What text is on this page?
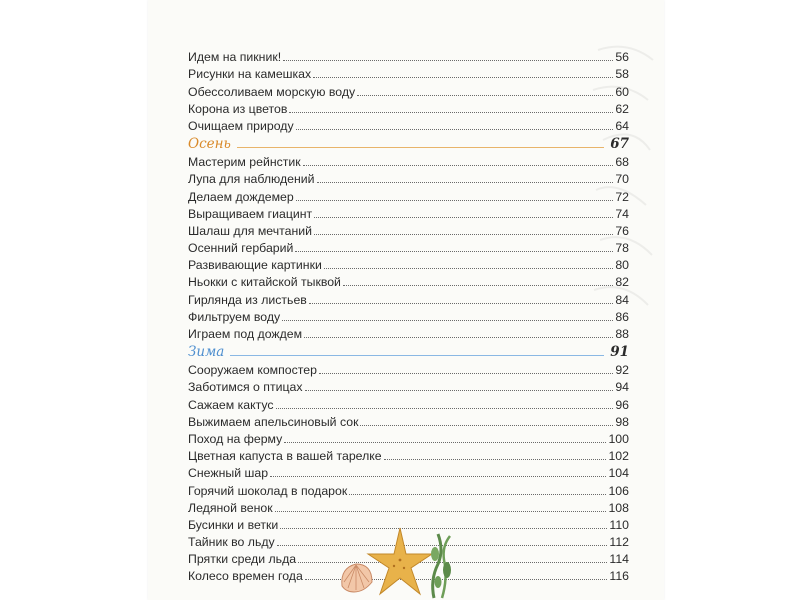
Идем на пикник!	56
Рисунки на камешках	58
Обессоливаем морскую воду	60
Корона из цветов	62
Очищаем природу	64
Осень	67
Мастерим рейнстик	68
Лупа для наблюдений	70
Делаем дождемер	72
Выращиваем гиацинт	74
Шалаш для мечтаний	76
Осенний гербарий	78
Развивающие картинки	80
Ньокки с китайской тыквой	82
Гирлянда из листьев	84
Фильтруем воду	86
Играем под дождем	88
Зима	91
Сооружаем компостер	92
Заботимся о птицах	94
Сажаем кактус	96
Выжимаем апельсиновый сок	98
Поход на ферму	100
Цветная капуста в вашей тарелке	102
Снежный шар	104
Горячий шоколад в подарок	106
Ледяной венок	108
Бусинки и ветки	110
Тайник во льду	112
Прятки среди льда	114
Колесо времен года	116
